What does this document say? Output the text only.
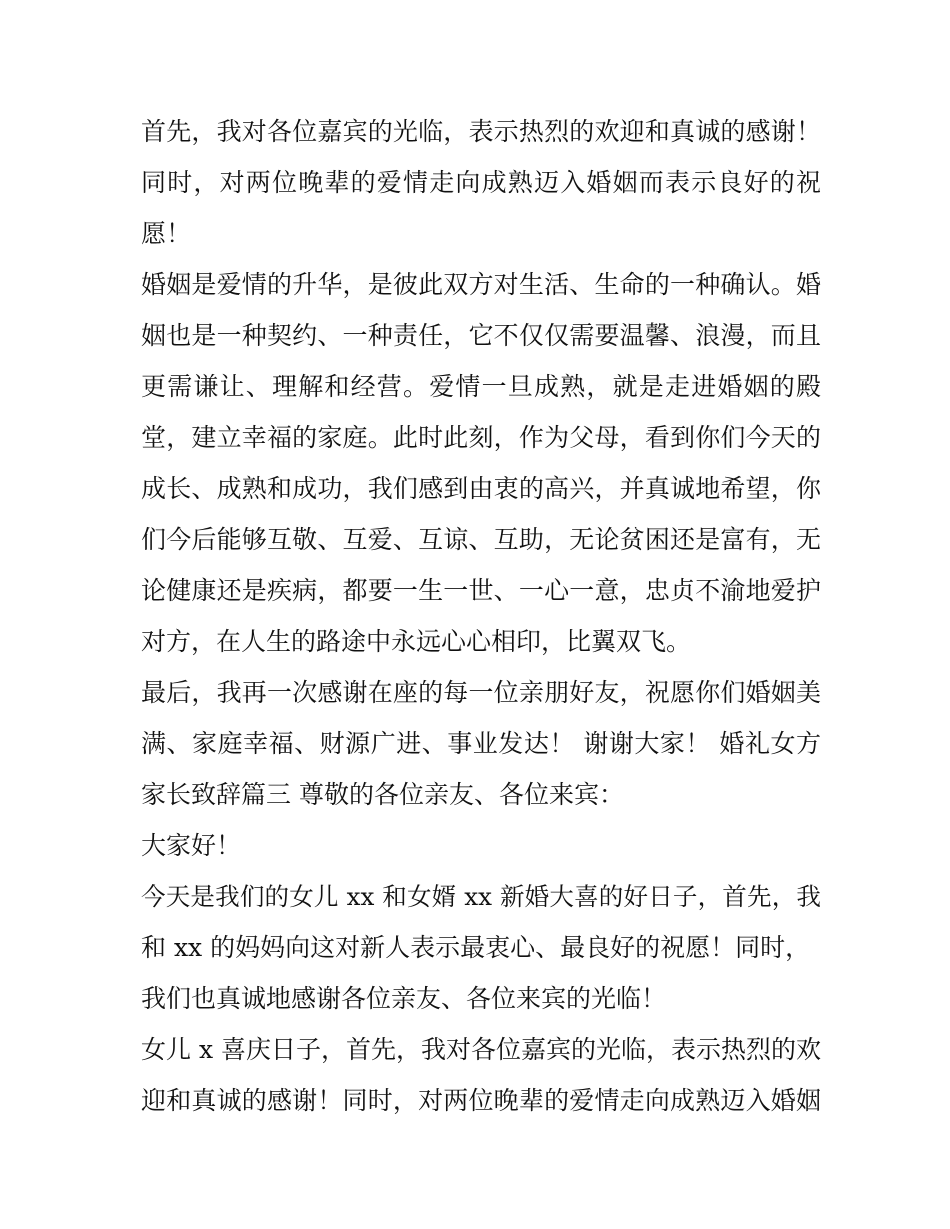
首先，我对各位嘉宾的光临，表示热烈的欢迎和真诚的感谢！
同时，对两位晚辈的爱情走向成熟迈入婚姻而表示良好的祝
愿！
婚姻是爱情的升华，是彼此双方对生活、生命的一种确认。婚
姻也是一种契约、一种责任，它不仅仅需要温馨、浪漫，而且
更需谦让、理解和经营。爱情一旦成熟，就是走进婚姻的殿
堂，建立幸福的家庭。此时此刻，作为父母，看到你们今天的
成长、成熟和成功，我们感到由衷的高兴，并真诚地希望，你
们今后能够互敬、互爱、互谅、互助，无论贫困还是富有，无
论健康还是疾病，都要一生一世、一心一意，忠贞不渝地爱护
对方，在人生的路途中永远心心相印，比翼双飞。
最后，我再一次感谢在座的每一位亲朋好友，祝愿你们婚姻美
满、家庭幸福、财源广进、事业发达！ 谢谢大家！ 婚礼女方
家长致辞篇三 尊敬的各位亲友、各位来宾：
大家好！
今天是我们的女儿 xx 和女婿 xx 新婚大喜的好日子，首先，我
和 xx 的妈妈向这对新人表示最衷心、最良好的祝愿！同时，
我们也真诚地感谢各位亲友、各位来宾的光临！
女儿 x 喜庆日子，首先，我对各位嘉宾的光临，表示热烈的欢
迎和真诚的感谢！同时，对两位晚辈的爱情走向成熟迈入婚姻
